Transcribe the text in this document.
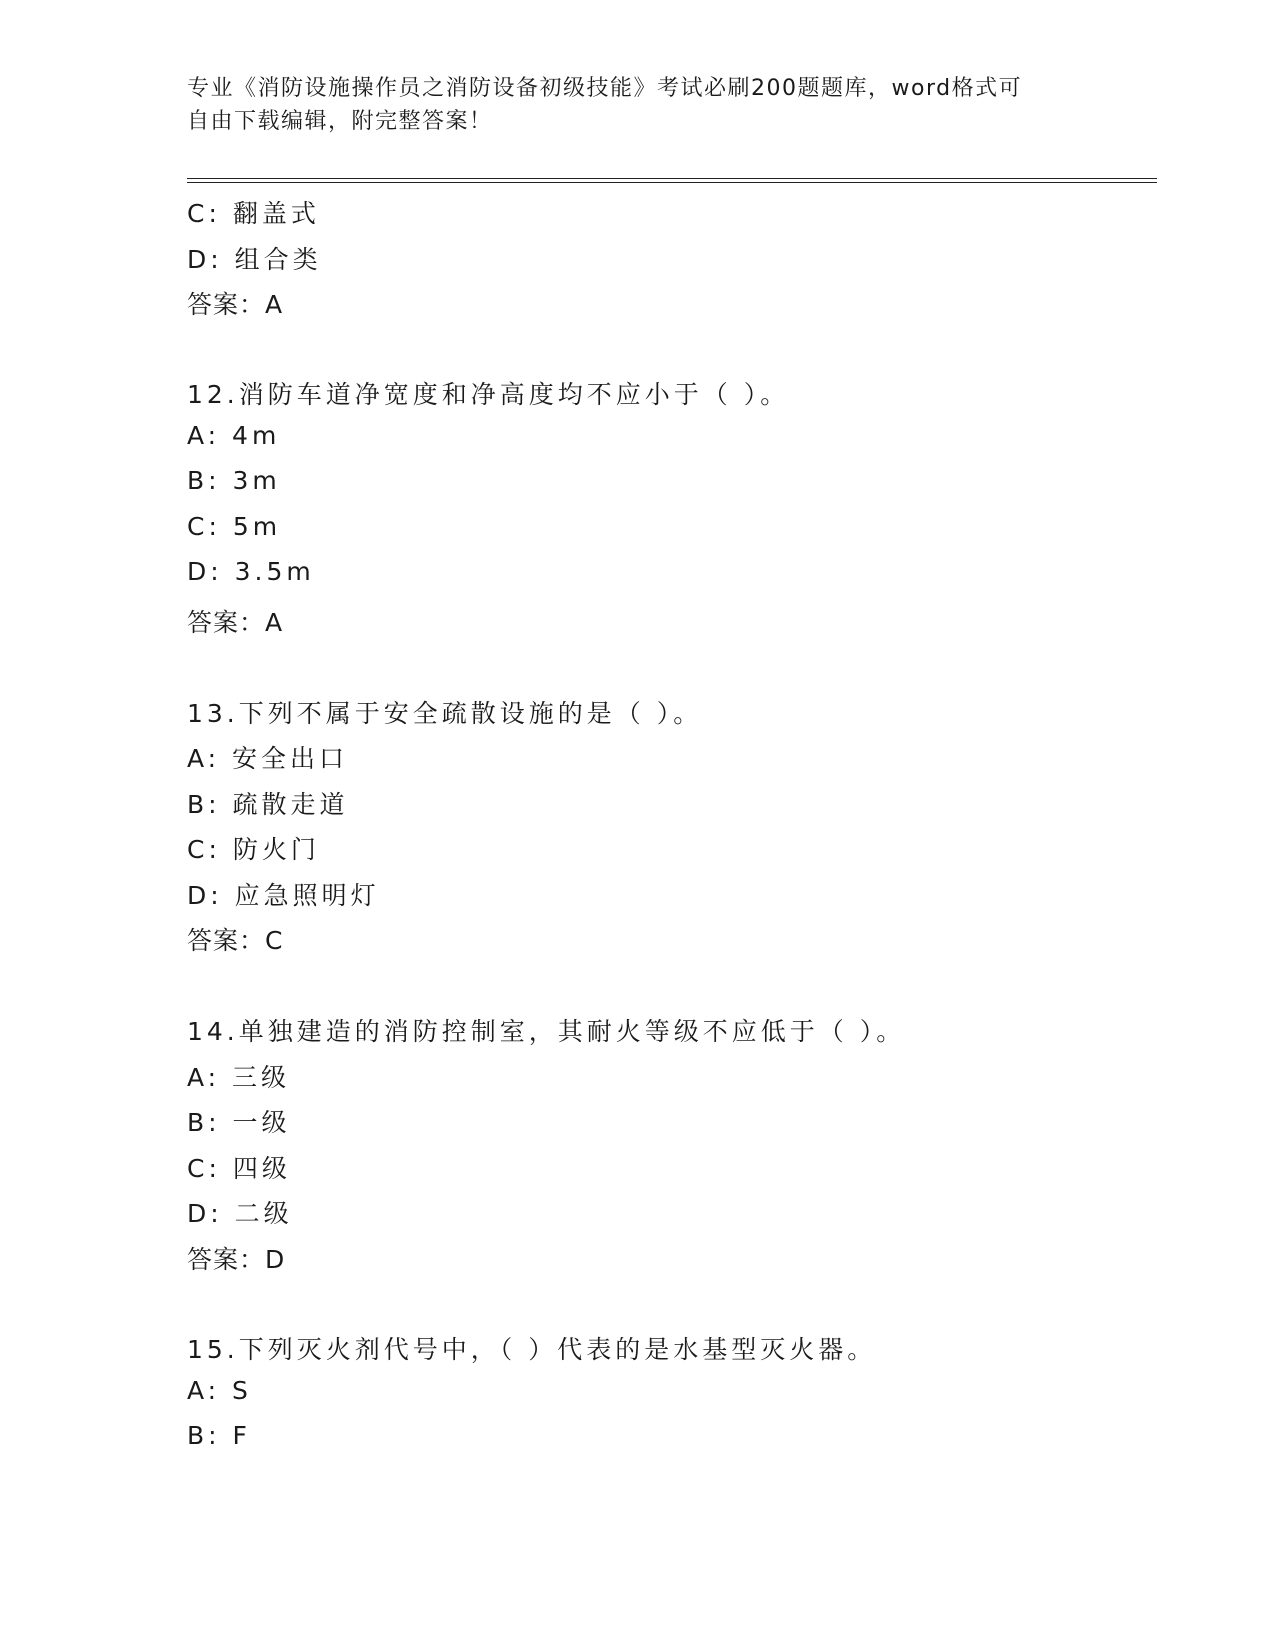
专业《消防设施操作员之消防设备初级技能》考试必刷200题题库，word格式可
自由下载编辑，附完整答案！
C: 翻盖式
D: 组合类
答案：A
12.消防车道净宽度和净高度均不应小于（ ）。
A: 4m
B: 3m
C: 5m
D: 3.5m
答案：A
13.下列不属于安全疏散设施的是（ ）。
A: 安全出口
B: 疏散走道
C: 防火门
D: 应急照明灯
答案：C
14.单独建造的消防控制室，其耐火等级不应低于（ ）。
A: 三级
B: 一级
C: 四级
D: 二级
答案：D
15.下列灭火剂代号中，（ ）代表的是水基型灭火器。
A: S
B: F
